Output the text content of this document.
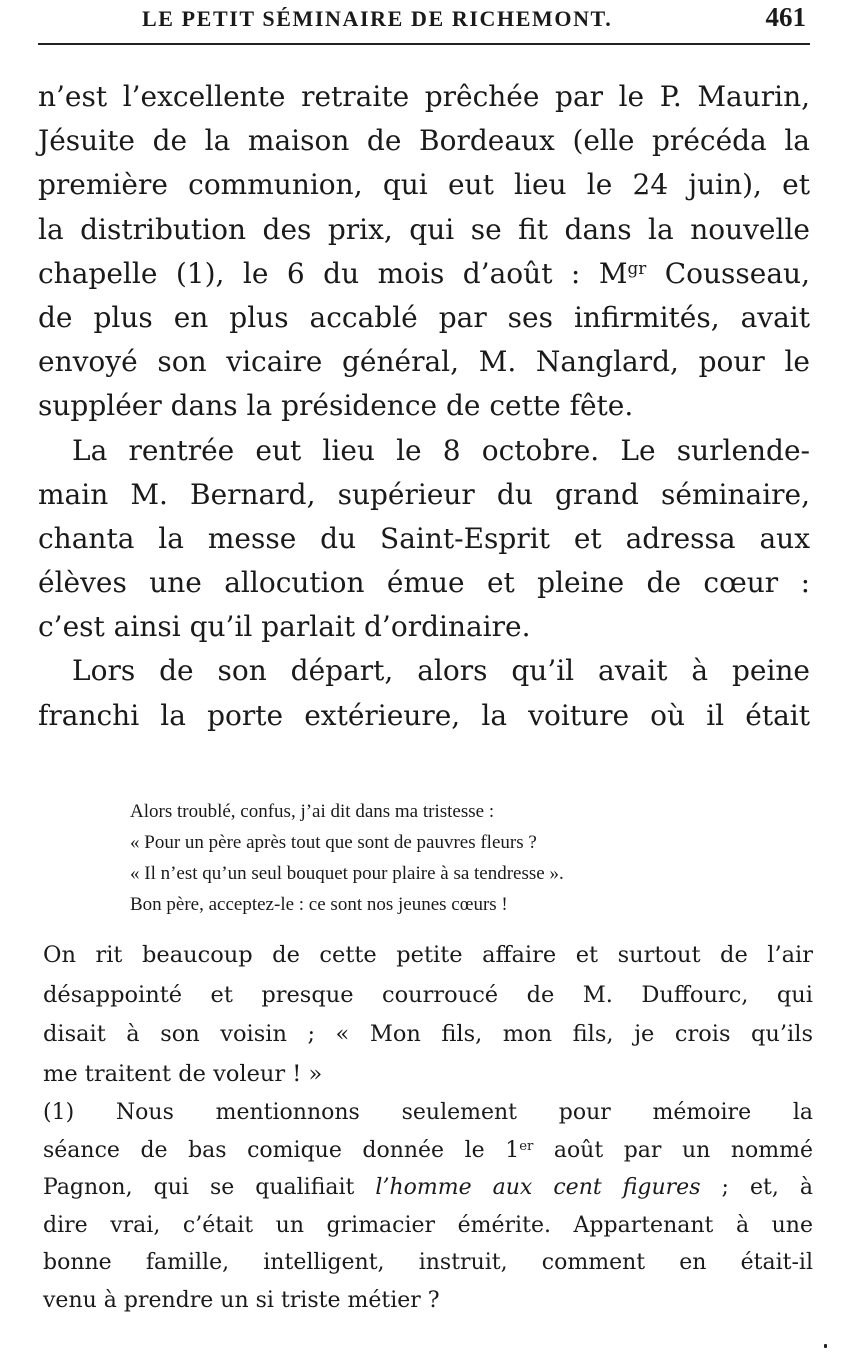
LE PETIT SÉMINAIRE DE RICHEMONT.	461
n’est l’excellente retraite prêchée par le P. Maurin,
Jésuite de la maison de Bordeaux (elle précéda la
première communion, qui eut lieu le 24 juin), et
la distribution des prix, qui se fit dans la nouvelle
chapelle (1), le 6 du mois d’août : $M^{gr}$ Cousseau,
de plus en plus accablé par ses infirmités, avait
envoyé son vicaire général, M. Nanglard, pour le
suppléer dans la présidence de cette fête.
La rentrée eut lieu le 8 octobre. Le surlende-
main M. Bernard, supérieur du grand séminaire,
chanta la messe du Saint-Esprit et adressa aux
élèves une allocution émue et pleine de cœur :
c’est ainsi qu’il parlait d’ordinaire.
Lors de son départ, alors qu’il avait à peine
franchi la porte extérieure, la voiture où il était
Alors troublé, confus, j’ai dit dans ma tristesse :
« Pour un père après tout que sont de pauvres fleurs ?
« Il n’est qu’un seul bouquet pour plaire à sa tendresse ».
Bon père, acceptez-le : ce sont nos jeunes cœurs !
On rit beaucoup de cette petite affaire et surtout de l’air
désappointé et presque courroucé de M. Duffourc, qui
disait à son voisin ; « Mon fils, mon fils, je crois qu’ils
me traitent de voleur ! »
(1) Nous mentionnons seulement pour mémoire la
séance de bas comique donnée le 1er août par un nommé
Pagnon, qui se qualifiait l’homme aux cent figures ; et, à
dire vrai, c’était un grimacier émérite. Appartenant à une
bonne famille, intelligent, instruit, comment en était-il
venu à prendre un si triste métier ?
